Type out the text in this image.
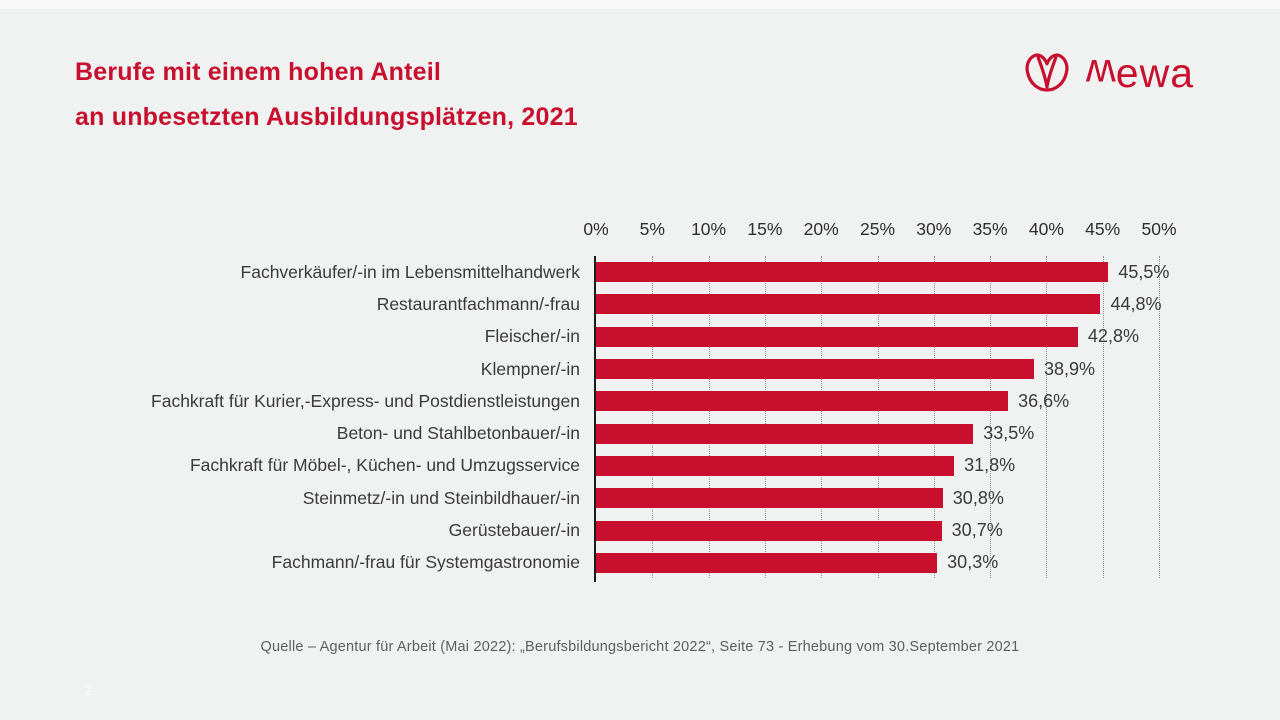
Berufe mit einem hohen Anteil
an unbesetzten Ausbildungsplätzen, 2021
wewa
0% 5% 10% 15% 20% 25% 30% 35% 40% 45% 50%
Fachverkäufer/-in im Lebensmittelhandwerk
Restaurantfachmann/-frau
Fleischer/-in
Klempner/-in
Fachkraft für Kurier,-Express- und Postdienstleistungen
Beton- und Stahlbetonbauer/-in
Fachkraft für Möbel-, Küchen- und Umzugsservice
Steinmetz/-in und Steinbildhauer/-in
Gerüstebauer/-in
Fachmann/-frau für Systemgastronomie
45,5%
44,8%
42,8%
38,9%
36,6%
33,5%
31,8%
30,8%
30,7%
30,3%
Quelle – Agentur für Arbeit (Mai 2022): „Berufsbildungsbericht 2022“, Seite 73 - Erhebung vom 30.September 2021
2
